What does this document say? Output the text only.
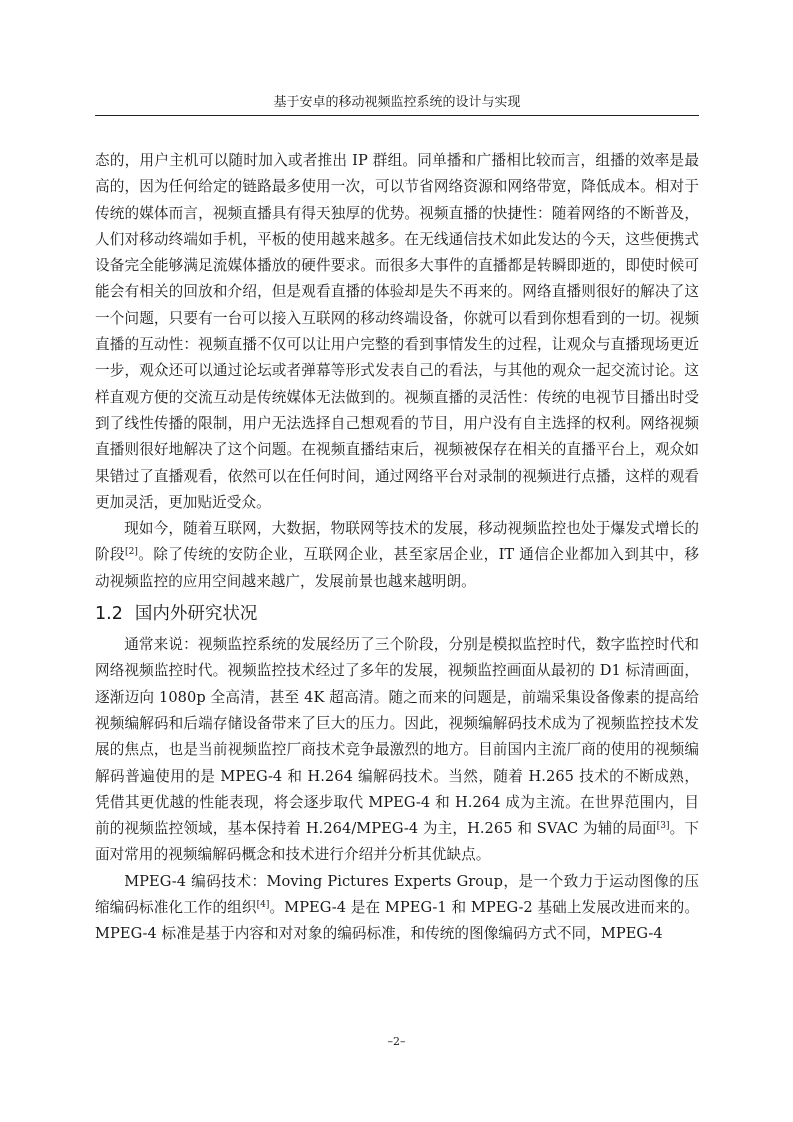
基于安卓的移动视频监控系统的设计与实现

态的，用户主机可以随时加入或者推出 IP 群组。同单播和广播相比较而言，组播的效率是最高的，因为任何给定的链路最多使用一次，可以节省网络资源和网络带宽，降低成本。相对于传统的媒体而言，视频直播具有得天独厚的优势。视频直播的快捷性：随着网络的不断普及，人们对移动终端如手机，平板的使用越来越多。在无线通信技术如此发达的今天，这些便携式设备完全能够满足流媒体播放的硬件要求。而很多大事件的直播都是转瞬即逝的，即使时候可能会有相关的回放和介绍，但是观看直播的体验却是失不再来的。网络直播则很好的解决了这一个问题，只要有一台可以接入互联网的移动终端设备，你就可以看到你想看到的一切。视频直播的互动性：视频直播不仅可以让用户完整的看到事情发生的过程，让观众与直播现场更近一步，观众还可以通过论坛或者弹幕等形式发表自己的看法，与其他的观众一起交流讨论。这样直观方便的交流互动是传统媒体无法做到的。视频直播的灵活性：传统的电视节目播出时受到了线性传播的限制，用户无法选择自己想观看的节目，用户没有自主选择的权利。网络视频直播则很好地解决了这个问题。在视频直播结束后，视频被保存在相关的直播平台上，观众如果错过了直播观看，依然可以在任何时间，通过网络平台对录制的视频进行点播，这样的观看更加灵活，更加贴近受众。

现如今，随着互联网，大数据，物联网等技术的发展，移动视频监控也处于爆发式增长的阶段[2]。除了传统的安防企业，互联网企业，甚至家居企业，IT 通信企业都加入到其中，移动视频监控的应用空间越来越广，发展前景也越来越明朗。

1.2 国内外研究状况

通常来说：视频监控系统的发展经历了三个阶段，分别是模拟监控时代，数字监控时代和网络视频监控时代。视频监控技术经过了多年的发展，视频监控画面从最初的 D1 标清画面，逐渐迈向 1080p 全高清，甚至 4K 超高清。随之而来的问题是，前端采集设备像素的提高给视频编解码和后端存储设备带来了巨大的压力。因此，视频编解码技术成为了视频监控技术发展的焦点，也是当前视频监控厂商技术竞争最激烈的地方。目前国内主流厂商的使用的视频编解码普遍使用的是 MPEG-4 和 H.264 编解码技术。当然，随着 H.265 技术的不断成熟，凭借其更优越的性能表现，将会逐步取代 MPEG-4 和 H.264 成为主流。在世界范围内，目前的视频监控领域，基本保持着 H.264/MPEG-4 为主，H.265 和 SVAC 为辅的局面[3]。下面对常用的视频编解码概念和技术进行介绍并分析其优缺点。

MPEG-4 编码技术：Moving Pictures Experts Group，是一个致力于运动图像的压缩编码标准化工作的组织[4]。MPEG-4 是在 MPEG-1 和 MPEG-2 基础上发展改进而来的。MPEG-4 标准是基于内容和对对象的编码标准，和传统的图像编码方式不同，MPEG-4

–2–
